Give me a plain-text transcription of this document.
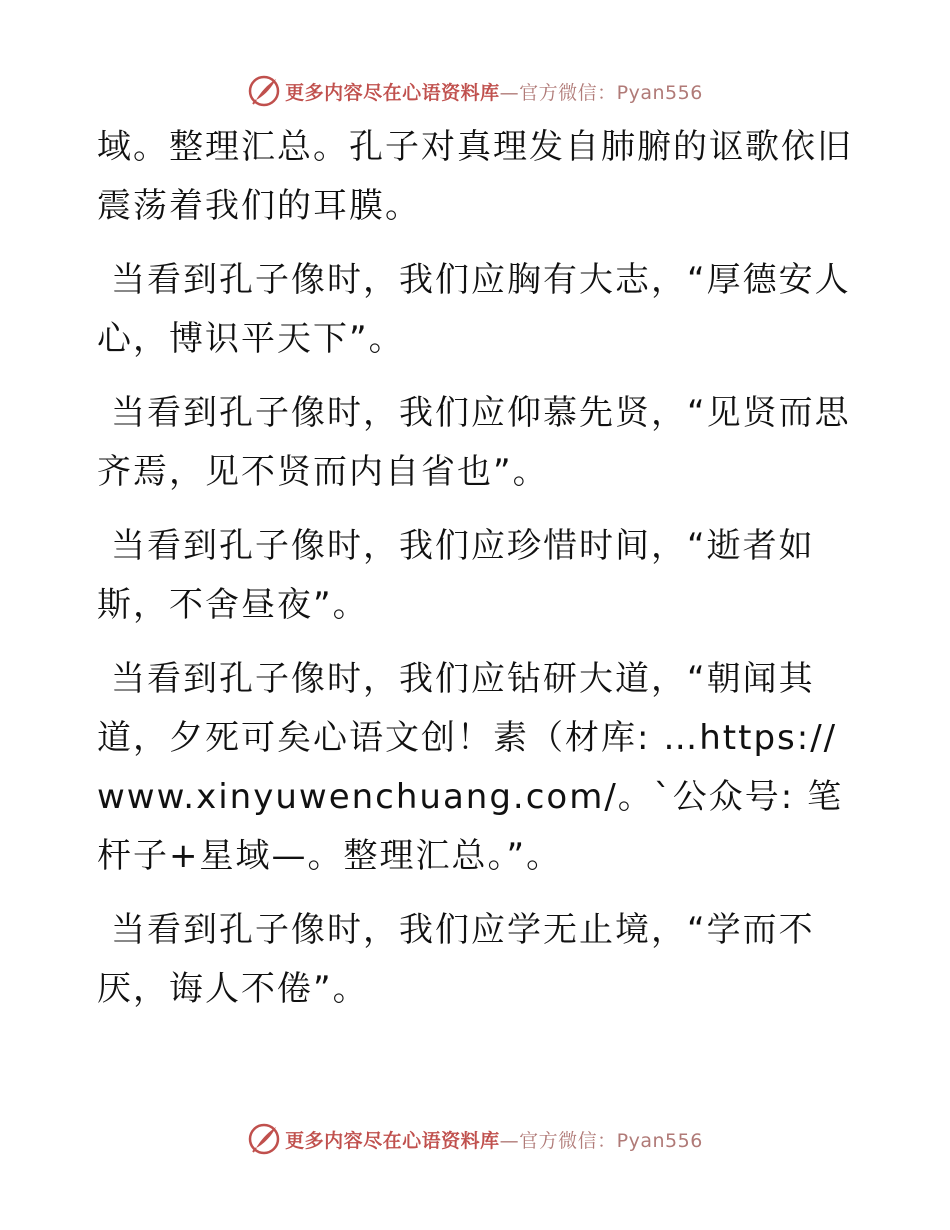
更多内容尽在心语资料库 —官方微信：Pyan556

域。整理汇总。孔子对真理发自肺腑的讴歌依旧震荡着我们的耳膜。

当看到孔子像时，我们应胸有大志，“厚德安人心，博识平天下”。

当看到孔子像时，我们应仰慕先贤，“见贤而思齐焉，见不贤而内自省也”。

当看到孔子像时，我们应珍惜时间，“逝者如斯，不舍昼夜”。

当看到孔子像时，我们应钻研大道，“朝闻其道，夕死可矣心语文创！素（材库: …https://www.xinyuwenchuang.com/。`公众号: 笔杆子+星域—。整理汇总。”。

当看到孔子像时，我们应学无止境，“学而不厌，诲人不倦”。

更多内容尽在心语资料库 —官方微信：Pyan556
